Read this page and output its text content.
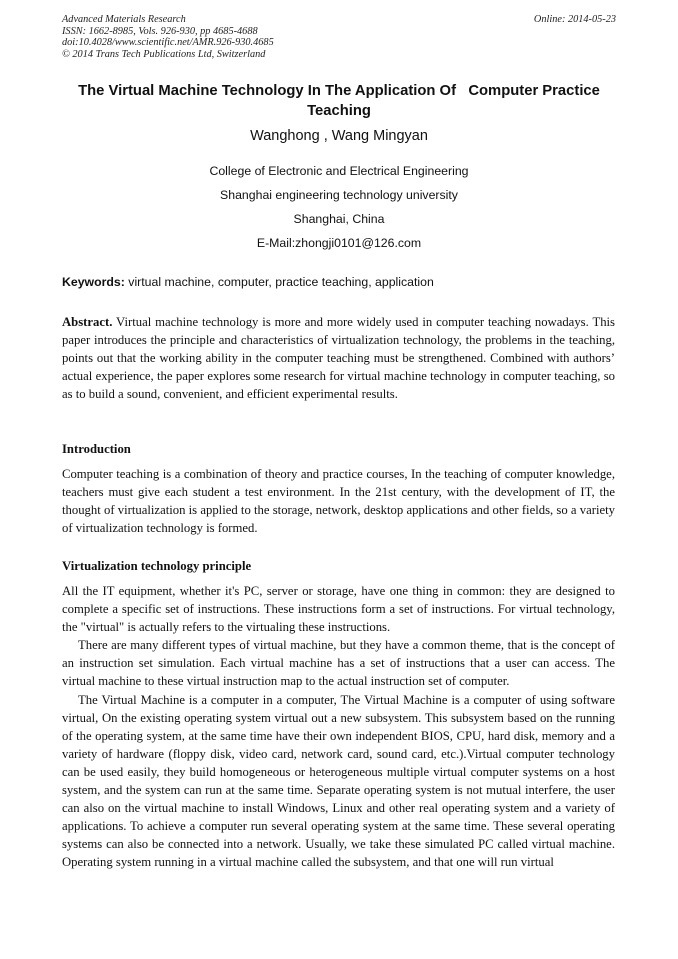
Advanced Materials Research
ISSN: 1662-8985, Vols. 926-930, pp 4685-4688
doi:10.4028/www.scientific.net/AMR.926-930.4685
© 2014 Trans Tech Publications Ltd, Switzerland
Online: 2014-05-23
The Virtual Machine Technology In The Application Of   Computer Practice Teaching
Wanghong , Wang Mingyan
College of Electronic and Electrical Engineering
Shanghai engineering technology university
Shanghai, China
E-Mail:zhongji0101@126.com
Keywords: virtual machine, computer, practice teaching, application
Abstract. Virtual machine technology is more and more widely used in computer teaching nowadays. This paper introduces the principle and characteristics of virtualization technology, the problems in the teaching, points out that the working ability in the computer teaching must be strengthened. Combined with authors’ actual experience, the paper explores some research for virtual machine technology in computer teaching, so as to build a sound, convenient, and efficient experimental results.
Introduction

Computer teaching is a combination of theory and practice courses, In the teaching of computer knowledge, teachers must give each student a test environment. In the 21st century, with the development of IT, the thought of virtualization is applied to the storage, network, desktop applications and other fields, so a variety of virtualization technology is formed.

Virtualization technology principle

All the IT equipment, whether it's PC, server or storage, have one thing in common: they are designed to complete a specific set of instructions. These instructions form a set of instructions. For virtual technology, the "virtual" is actually refers to the virtualing these instructions.

There are many different types of virtual machine, but they have a common theme, that is the concept of an instruction set simulation. Each virtual machine has a set of instructions that a user can access. The virtual machine to these virtual instruction map to the actual instruction set of computer.

The Virtual Machine is a computer in a computer, The Virtual Machine is a computer of using software virtual, On the existing operating system virtual out a new subsystem. This subsystem based on the running of the operating system, at the same time have their own independent BIOS, CPU, hard disk, memory and a variety of hardware (floppy disk, video card, network card, sound card, etc.).Virtual computer technology can be used easily, they build homogeneous or heterogeneous multiple virtual computer systems on a host system, and the system can run at the same time. Separate operating system is not mutual interfere, the user can also on the virtual machine to install Windows, Linux and other real operating system and a variety of applications. To achieve a computer run several operating system at the same time. These several operating systems can also be connected into a network. Usually, we take these simulated PC called virtual machine. Operating system running in a virtual machine called the subsystem, and that one will run virtual
